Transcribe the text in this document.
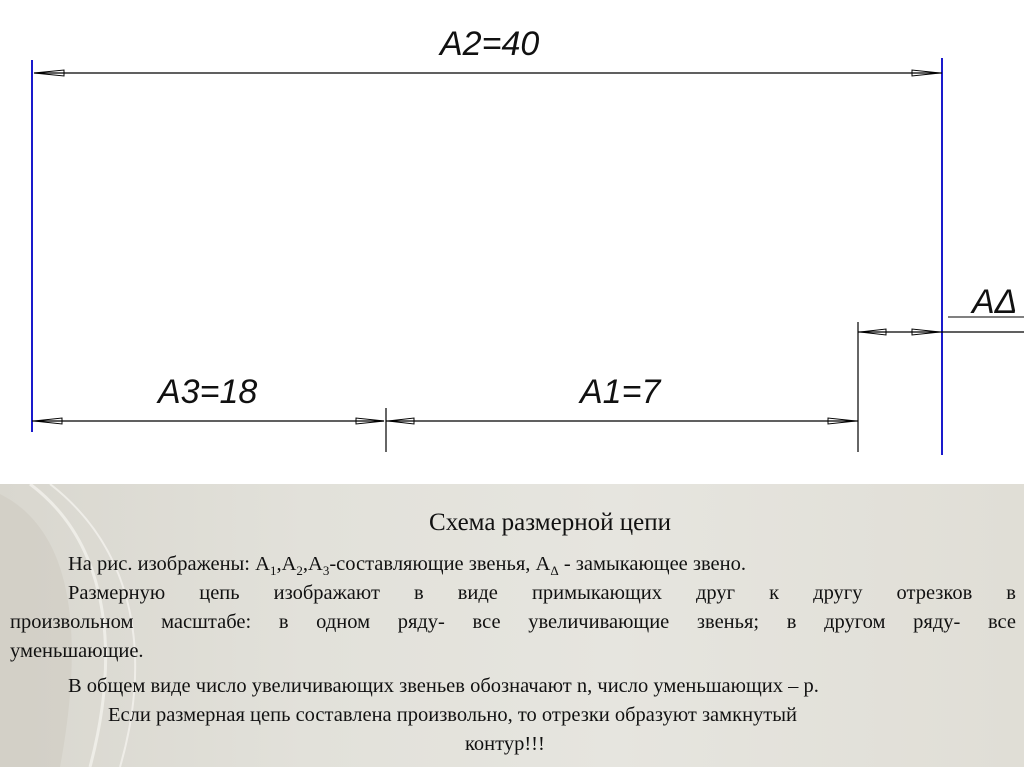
A2=40
A3=18	A1=7
AΔ
Схема размерной цепи
На рис. изображены: $А_1,А_2,А_3$-составляющие звенья, $А_\Delta$ - замыкающее звено.
Размерную цепь изображают в виде примыкающих друг к другу отрезков в
произвольном масштабе: в одном ряду- все увеличивающие звенья; в другом ряду- все
уменьшающие.
В общем виде число увеличивающих звеньев обозначают n, число уменьшающих – p.
Если размерная цепь составлена произвольно, то отрезки образуют замкнутый
контур!!!
